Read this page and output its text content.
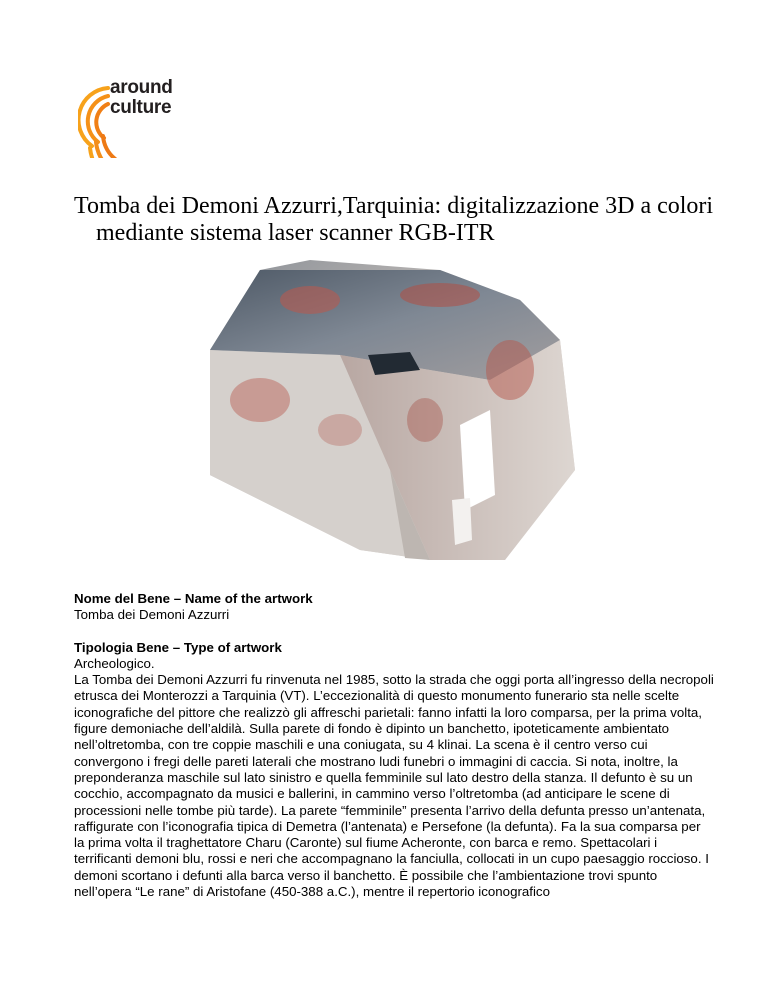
around
culture
Tomba dei Demoni Azzurri,Tarquinia: digitalizzazione 3D a colori mediante sistema laser scanner RGB-ITR

Nome del Bene – Name of the artwork

Tomba dei Demoni Azzurri

Tipologia Bene – Type of artwork

Archeologico.

La Tomba dei Demoni Azzurri fu rinvenuta nel 1985, sotto la strada che oggi porta all’ingresso della necropoli etrusca dei Monterozzi a Tarquinia (VT). L’eccezionalità di questo monumento funerario sta nelle scelte iconografiche del pittore che realizzò gli affreschi parietali: fanno infatti la loro comparsa, per la prima volta, figure demoniache dell’aldilà. Sulla parete di fondo è dipinto un banchetto, ipoteticamente ambientato nell’oltretomba, con tre coppie maschili e una coniugata, su 4 klinai. La scena è il centro verso cui convergono i fregi delle pareti laterali che mostrano ludi funebri o immagini di caccia. Si nota, inoltre, la preponderanza maschile sul lato sinistro e quella femminile sul lato destro della stanza. Il defunto è su un cocchio, accompagnato da musici e ballerini, in cammino verso l’oltretomba (ad anticipare le scene di processioni nelle tombe più tarde). La parete “femminile” presenta l’arrivo della defunta presso un’antenata, raffigurate con l’iconografia tipica di Demetra (l’antenata) e Persefone (la defunta). Fa la sua comparsa per la prima volta il traghettatore Charu (Caronte) sul fiume Acheronte, con barca e remo. Spettacolari i terrificanti demoni blu, rossi e neri che accompagnano la fanciulla, collocati in un cupo paesaggio roccioso. I demoni scortano i defunti alla barca verso il banchetto. È possibile che l’ambientazione trovi spunto nell’opera “Le rane” di Aristofane (450-388 a.C.), mentre il repertorio iconografico
